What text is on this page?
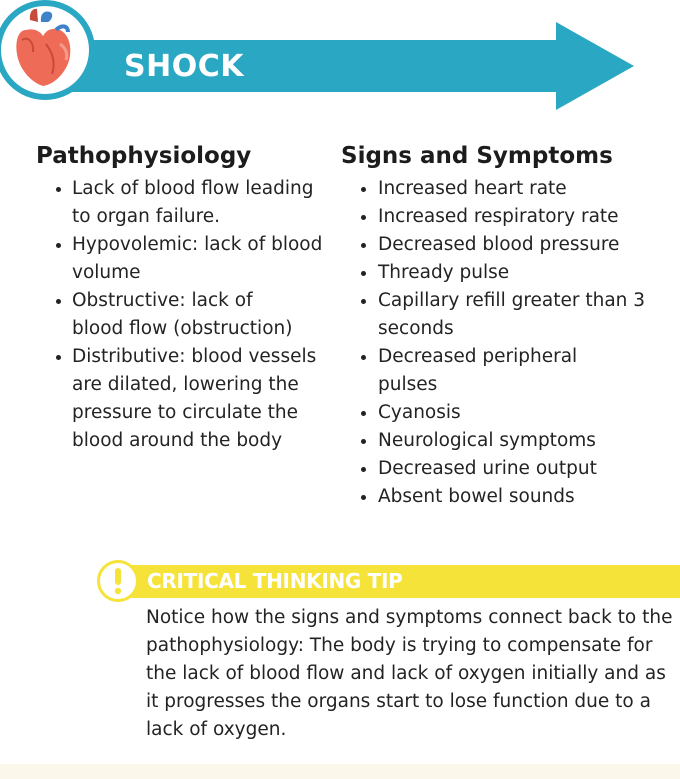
SHOCK
Pathophysiology
Lack of blood flow leading to organ failure.
Hypovolemic: lack of blood volume
Obstructive: lack of blood flow (obstruction)
Distributive: blood vessels are dilated, lowering the pressure to circulate the blood around the body
Signs and Symptoms
Increased heart rate
Increased respiratory rate
Decreased blood pressure
Thready pulse
Capillary refill greater than 3 seconds
Decreased peripheral pulses
Cyanosis
Neurological symptoms
Decreased urine output
Absent bowel sounds
CRITICAL THINKING TIP

Notice how the signs and symptoms connect back to the pathophysiology: The body is trying to compensate for the lack of blood flow and lack of oxygen initially and as it progresses the organs start to lose function due to a lack of oxygen.
